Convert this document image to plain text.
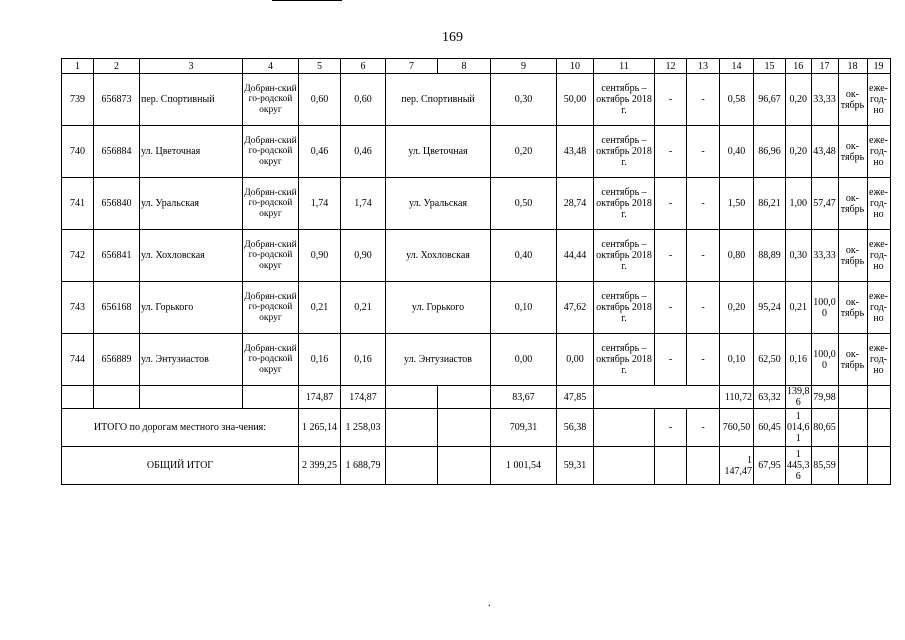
169
1	2	3	4	5	6	7	8	9	10	11	12	13	14	15	16	17	18	19
739	656873	пер. Спортивный	Добрян-ский го-родской округ	0,60	0,60	пер. Спортивный		0,30	50,00	сентябрь – октябрь 2018 г.	-	-	0,58	96,67	0,20	33,33	ок-тябрь	еже-год-но
740	656884	ул. Цветочная	Добрян-ский го-родской округ	0,46	0,46	ул. Цветочная		0,20	43,48	сентябрь – октябрь 2018 г.	-	-	0,40	86,96	0,20	43,48	ок-тябрь	еже-год-но
741	656840	ул. Уральская	Добрян-ский го-родской округ	1,74	1,74	ул. Уральская		0,50	28,74	сентябрь – октябрь 2018 г.	-	-	1,50	86,21	1,00	57,47	ок-тябрь	еже-год-но
742	656841	ул. Хохловская	Добрян-ский го-родской округ	0,90	0,90	ул. Хохловская		0,40	44,44	сентябрь – октябрь 2018 г.	-	-	0,80	88,89	0,30	33,33	ок-тябрь	еже-год-но
743	656168	ул. Горького	Добрян-ский го-родской округ	0,21	0,21	ул. Горького		0,10	47,62	сентябрь – октябрь 2018 г.	-	-	0,20	95,24	0,21	100,0 0	ок-тябрь	еже-год-но
744	656889	ул. Энтузиастов	Добрян-ский го-родской округ	0,16	0,16	ул. Энтузиастов		0,00	0,00	сентябрь – октябрь 2018 г.	-	-	0,10	62,50	0,16	100,0 0	ок-тябрь	еже-год-но
				174,87	174,87			83,67	47,85				110,72	63,32	139,8 6	79,98		
ИТОГО по дорогам местного зна-чения:				1 265,14	1 258,03			709,31	56,38		-	-	760,50	60,45	1 014,6 1	80,65		
ОБЩИЙ ИТОГ				2 399,25	1 688,79			1 001,54	59,31				1 147,47	67,95	1 445,3 6	85,59		
.
